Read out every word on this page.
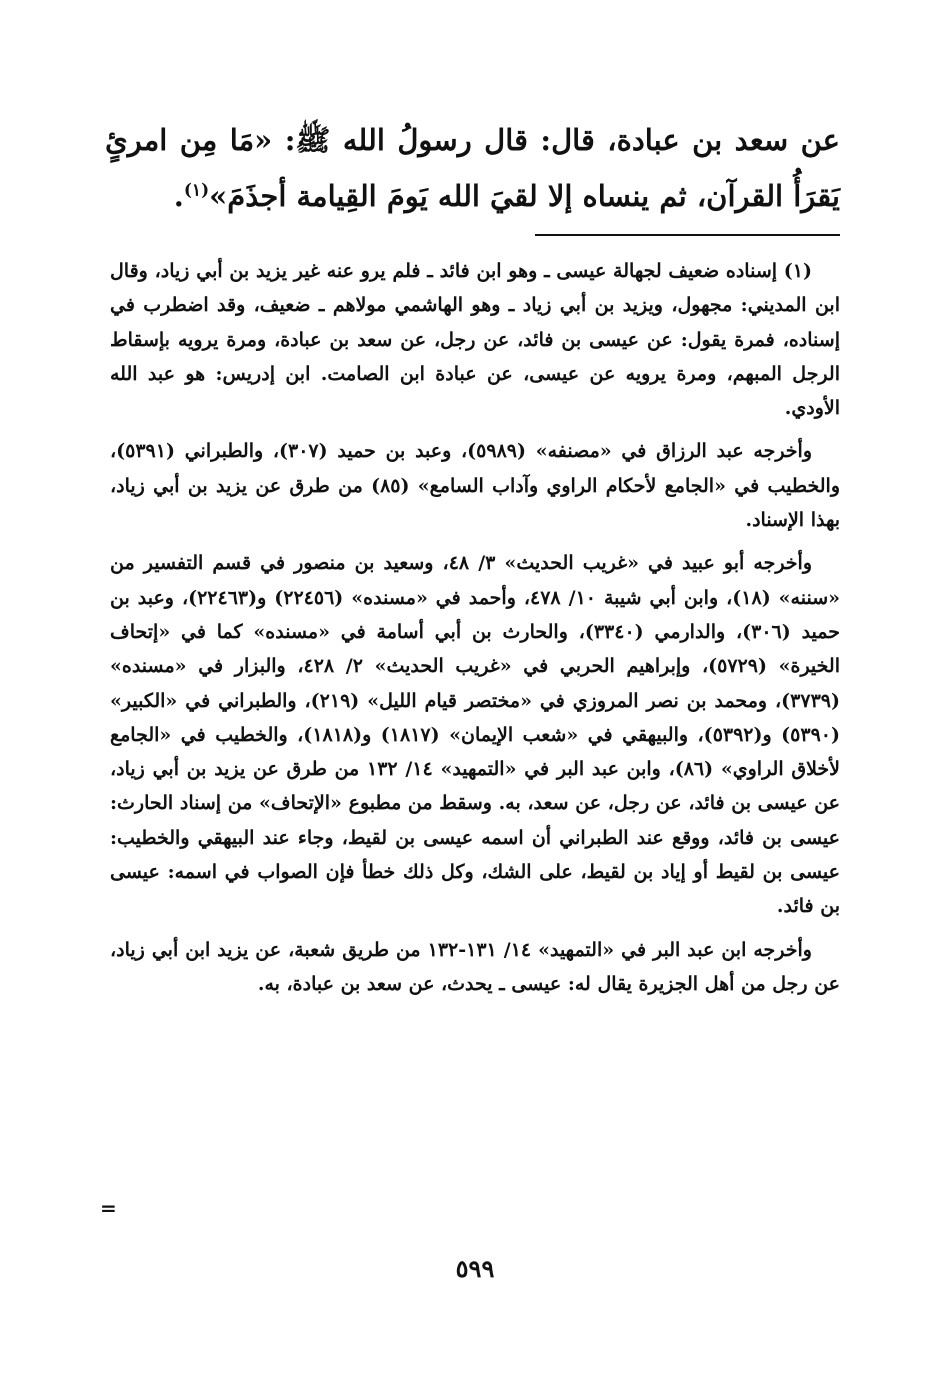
عن سعد بن عبادة، قال: قال رسولُ الله ﷺ: «مَا مِن امرئٍ يَقرَأُ القرآن، ثم ينساه إلا لقيَ الله يَومَ القِيامة أجذَمَ»$^{(١)}$.

(١) إسناده ضعيف لجهالة عيسى ـ وهو ابن فائد ـ فلم يرو عنه غير يزيد بن أبي زياد، وقال ابن المديني: مجهول، ويزيد بن أبي زياد ـ وهو الهاشمي مولاهم ـ ضعيف، وقد اضطرب في إسناده، فمرة يقول: عن عيسى بن فائد، عن رجل، عن سعد بن عبادة، ومرة يرويه بإسقاط الرجل المبهم، ومرة يرويه عن عيسى، عن عبادة ابن الصامت. ابن إدريس: هو عبد الله الأودي.

وأخرجه عبد الرزاق في «مصنفه» (٥٩٨٩)، وعبد بن حميد (٣٠٧)، والطبراني (٥٣٩١)، والخطيب في «الجامع لأحكام الراوي وآداب السامع» (٨٥) من طرق عن يزيد بن أبي زياد، بهذا الإسناد.

وأخرجه أبو عبيد في «غريب الحديث» ٣/ ٤٨، وسعيد بن منصور في قسم التفسير من «سننه» (١٨)، وابن أبي شيبة ١٠/ ٤٧٨، وأحمد في «مسنده» (٢٢٤٥٦) و(٢٢٤٦٣)، وعبد بن حميد (٣٠٦)، والدارمي (٣٣٤٠)، والحارث بن أبي أسامة في «مسنده» كما في «إتحاف الخيرة» (٥٧٢٩)، وإبراهيم الحربي في «غريب الحديث» ٢/ ٤٢٨، والبزار في «مسنده» (٣٧٣٩)، ومحمد بن نصر المروزي في «مختصر قيام الليل» (٢١٩)، والطبراني في «الكبير» (٥٣٩٠) و(٥٣٩٢)، والبيهقي في «شعب الإيمان» (١٨١٧) و(١٨١٨)، والخطيب في «الجامع لأخلاق الراوي» (٨٦)، وابن عبد البر في «التمهيد» ١٤/ ١٣٢ من طرق عن يزيد بن أبي زياد، عن عيسى بن فائد، عن رجل، عن سعد، به. وسقط من مطبوع «الإتحاف» من إسناد الحارث: عيسى بن فائد، ووقع عند الطبراني أن اسمه عيسى بن لقيط، وجاء عند البيهقي والخطيب: عيسى بن لقيط أو إياد بن لقيط، على الشك، وكل ذلك خطأ فإن الصواب في اسمه: عيسى بن فائد.

وأخرجه ابن عبد البر في «التمهيد» ١٤/ ١٣١-١٣٢ من طريق شعبة، عن يزيد ابن أبي زياد، عن رجل من أهل الجزيرة يقال له: عيسى ـ يحدث، عن سعد بن عبادة، به.

=
٥٩٩
